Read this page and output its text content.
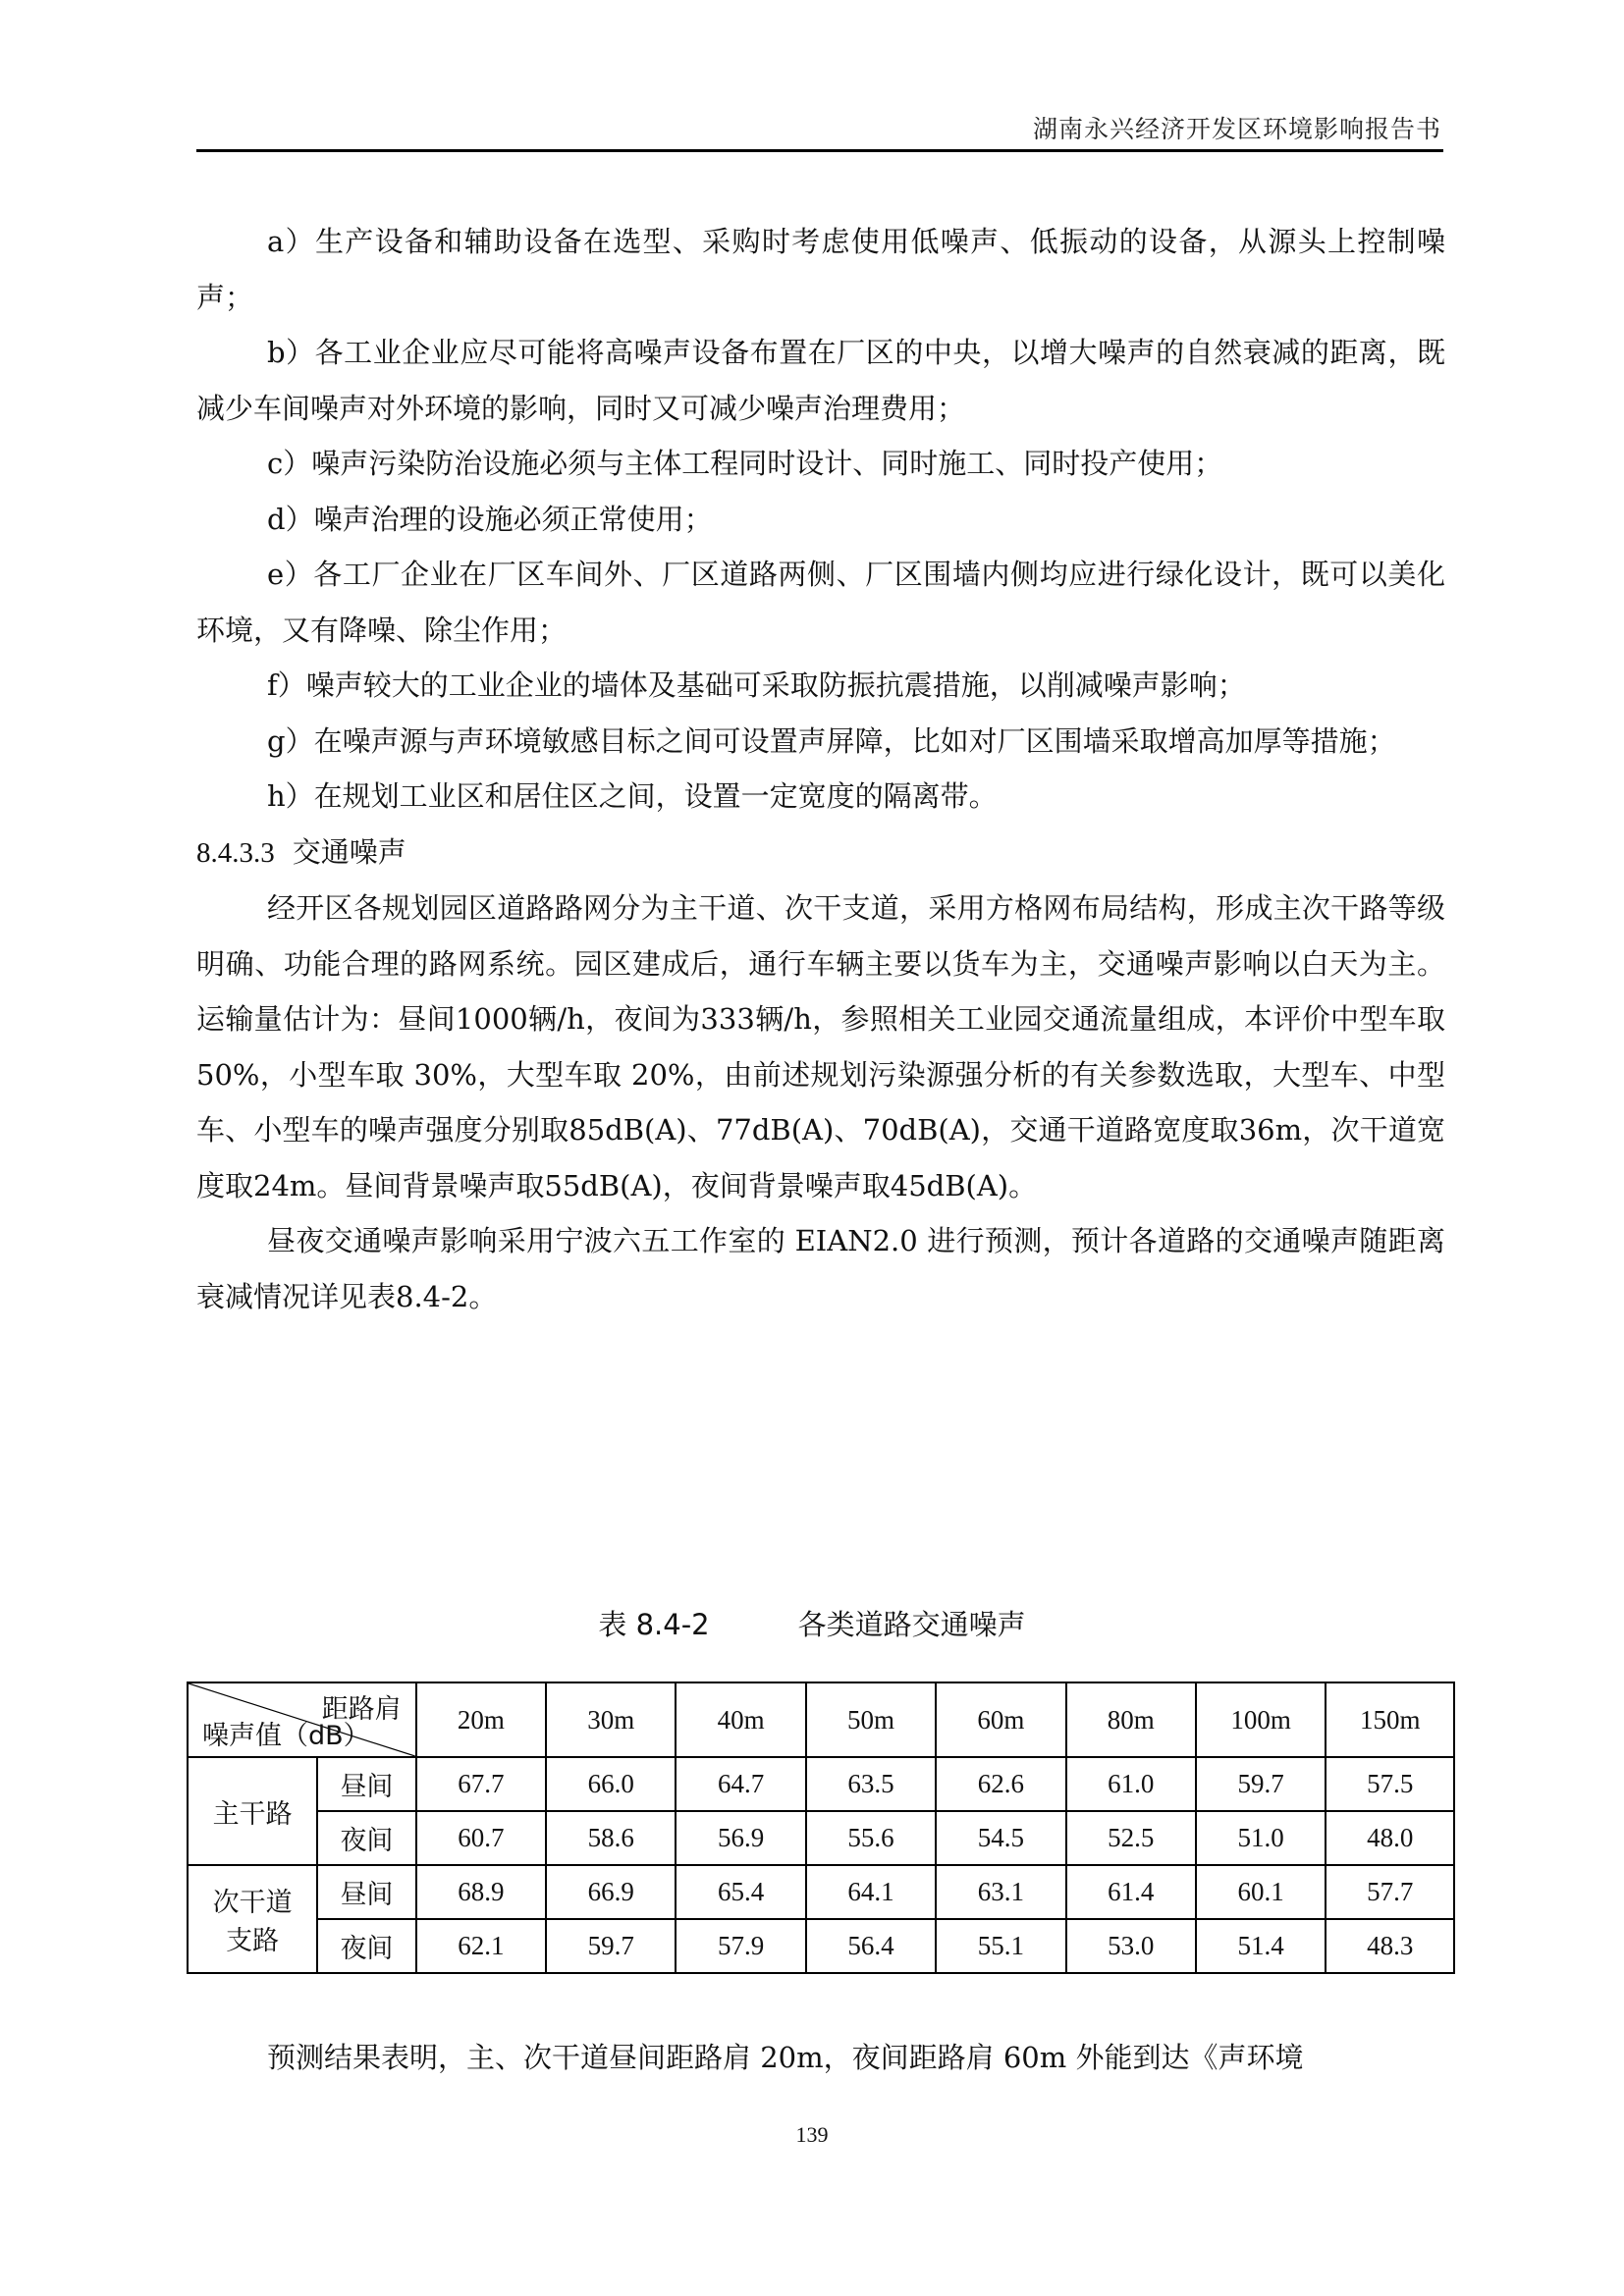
湖南永兴经济开发区环境影响报告书

a）生产设备和辅助设备在选型、采购时考虑使用低噪声、低振动的设备，从源头上控制噪声；

b）各工业企业应尽可能将高噪声设备布置在厂区的中央，以增大噪声的自然衰减的距离，既减少车间噪声对外环境的影响，同时又可减少噪声治理费用；

c）噪声污染防治设施必须与主体工程同时设计、同时施工、同时投产使用；

d）噪声治理的设施必须正常使用；

e）各工厂企业在厂区车间外、厂区道路两侧、厂区围墙内侧均应进行绿化设计，既可以美化环境，又有降噪、除尘作用；

f）噪声较大的工业企业的墙体及基础可采取防振抗震措施，以削减噪声影响；

g）在噪声源与声环境敏感目标之间可设置声屏障，比如对厂区围墙采取增高加厚等措施；

h）在规划工业区和居住区之间，设置一定宽度的隔离带。

8.4.3.3 交通噪声

经开区各规划园区道路路网分为主干道、次干支道，采用方格网布局结构，形成主次干路等级明确、功能合理的路网系统。园区建成后，通行车辆主要以货车为主，交通噪声影响以白天为主。运输量估计为：昼间1000辆/h，夜间为333辆/h，参照相关工业园交通流量组成，本评价中型车取 50%，小型车取 30%，大型车取 20%，由前述规划污染源强分析的有关参数选取，大型车、中型车、小型车的噪声强度分别取85dB(A)、77dB(A)、70dB(A)，交通干道路宽度取36m，次干道宽度取24m。昼间背景噪声取55dB(A)，夜间背景噪声取45dB(A)。

昼夜交通噪声影响采用宁波六五工作室的 EIAN2.0 进行预测，预计各道路的交通噪声随距离衰减情况详见表8.4-2。

表 8.4-2	各类道路交通噪声
距路肩
噪声值（dB）		20m	30m	40m	50m	60m	80m	100m	150m
主干路	昼间	67.7	66.0	64.7	63.5	62.6	61.0	59.7	57.5
	夜间	60.7	58.6	56.9	55.6	54.5	52.5	51.0	48.0

次干道
支路	昼间	68.9	66.9	65.4	64.1	63.1	61.4	60.1	57.7
	夜间	62.1	59.7	57.9	56.4	55.1	53.0	51.4	48.3

预测结果表明，主、次干道昼间距路肩 20m，夜间距路肩 60m 外能到达《声环境

139
